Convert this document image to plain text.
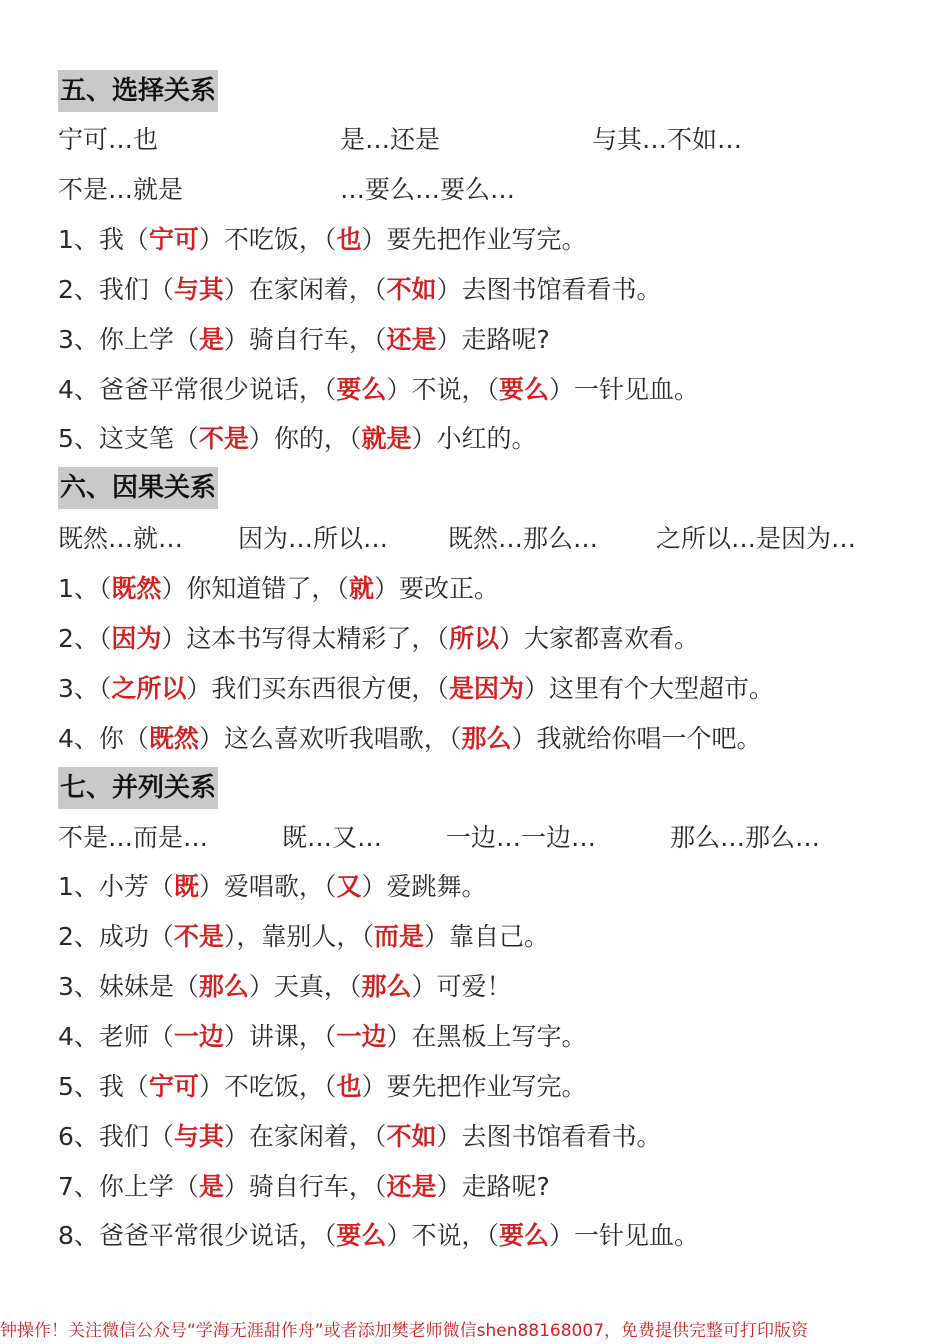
五、选择关系
宁可…也	是…还是	与其…不如…
不是…就是	…要么…要么…
1、我（宁可）不吃饭，（也）要先把作业写完。
2、我们（与其）在家闲着，（不如）去图书馆看看书。
3、你上学（是）骑自行车，（还是）走路呢?
4、爸爸平常很少说话，（要么）不说，（要么）一针见血。
5、这支笔（不是）你的，（就是）小红的。
六、因果关系
既然…就… 因为…所以… 既然…那么… 之所以…是因为…
1、（既然）你知道错了，（就）要改正。
2、（因为）这本书写得太精彩了，（所以）大家都喜欢看。
3、（之所以）我们买东西很方便，（是因为）这里有个大型超市。
4、你（既然）这么喜欢听我唱歌，（那么）我就给你唱一个吧。
七、并列关系
不是…而是…	既…又…	一边…一边…	那么…那么…
1、小芳（既）爱唱歌，（又）爱跳舞。
2、成功（不是），靠别人，（而是）靠自己。
3、妹妹是（那么）天真，（那么）可爱！
4、老师（一边）讲课，（一边）在黑板上写字。
5、我（宁可）不吃饭，（也）要先把作业写完。
6、我们（与其）在家闲着，（不如）去图书馆看看书。
7、你上学（是）骑自行车，（还是）走路呢?
8、爸爸平常很少说话，（要么）不说，（要么）一针见血。
钟操作！关注微信公众号“学海无涯甜作舟”或者添加樊老师微信shen88168007，免费提供完整可打印版资
